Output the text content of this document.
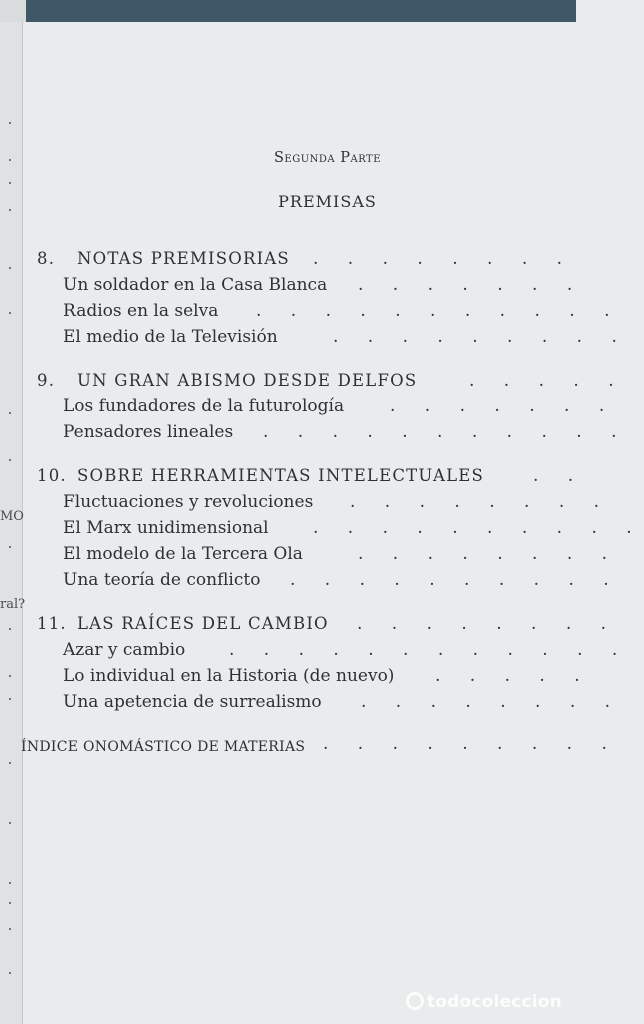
MO
ral?
Segunda Parte
PREMISAS
8. NOTAS PREMISORIAS . . . . . . . .
Un soldador en la Casa Blanca . . . . . . .
Radios en la selva . . . . . . . . . . .
El medio de la Televisión	. . . . . . . . .
9. UN GRAN ABISMO DESDE DELFOS	. . . . .
Los fundadores de la futurología	. . . . . . .
Pensadores lineales . . . . . . . . . . .
10. SOBRE HERRAMIENTAS INTELECTUALES	. .
Fluctuaciones y revoluciones . . . . . . . .
El Marx unidimensional	. . . . . . . . . .
El modelo de la Tercera Ola	. . . . . . . .
Una teoría de conflicto . . . . . . . . . .
11. LAS RAÍCES DEL CAMBIO . . . . . . . .
Azar y cambio	. . . . . . . . . . . .
Lo individual en la Historia (de nuevo) . . . . .
Una apetencia de surrealismo . . . . . . . .
ÍNDICE ONOMÁSTICO DE MATERIAS . . . . . . . . .
todocoleccion
